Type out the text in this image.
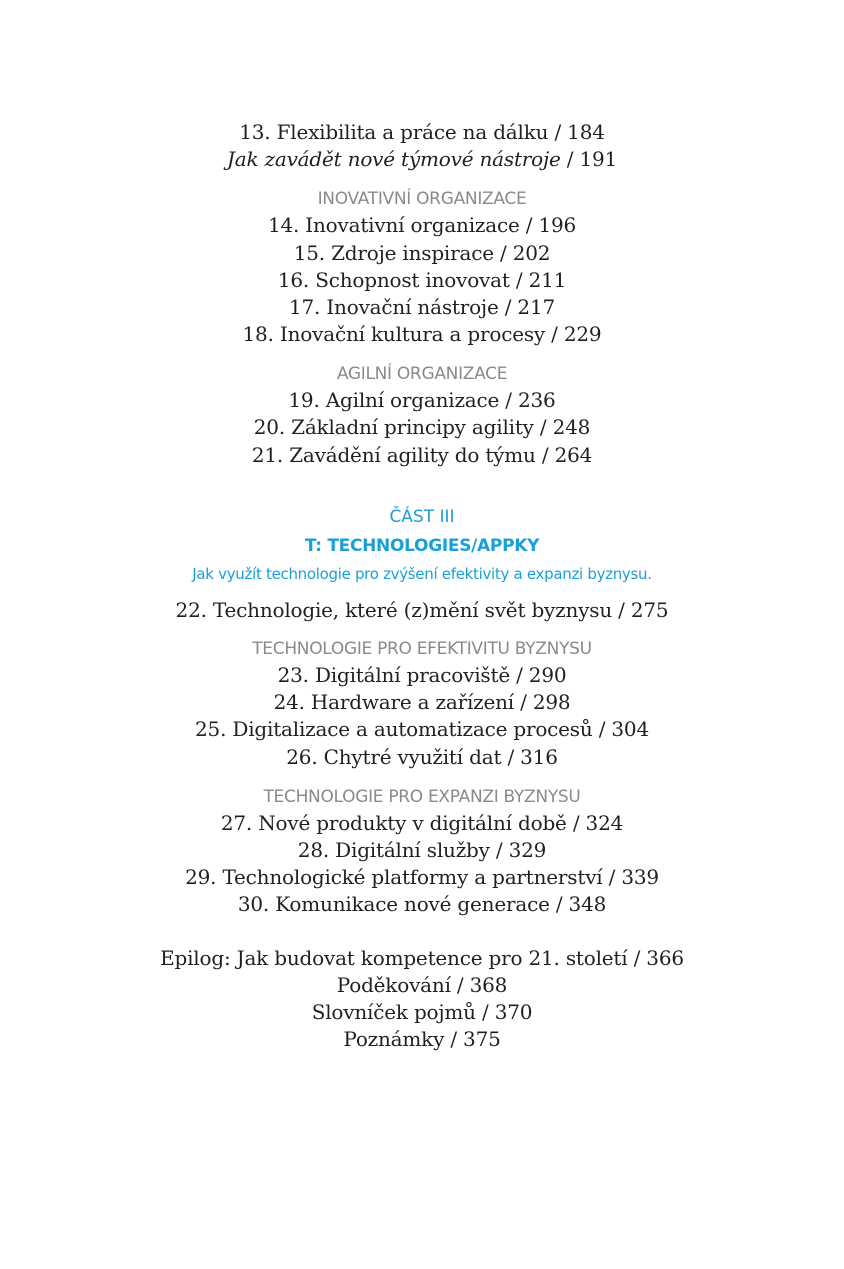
13. Flexibilita a práce na dálku / 184
Jak zavádět nové týmové nástroje / 191
INOVATIVNÍ ORGANIZACE
14. Inovativní organizace / 196
15. Zdroje inspirace / 202
16. Schopnost inovovat / 211
17. Inovační nástroje / 217
18. Inovační kultura a procesy / 229
AGILNÍ ORGANIZACE
19. Agilní organizace / 236
20. Základní principy agility / 248
21. Zavádění agility do týmu / 264
ČÁST III
T: TECHNOLOGIES/APPKY
Jak využít technologie pro zvýšení efektivity a expanzi byznysu.
22. Technologie, které (z)mění svět byznysu / 275
TECHNOLOGIE PRO EFEKTIVITU BYZNYSU
23. Digitální pracoviště / 290
24. Hardware a zařízení / 298
25. Digitalizace a automatizace procesů / 304
26. Chytré využití dat / 316
TECHNOLOGIE PRO EXPANZI BYZNYSU
27. Nové produkty v digitální době / 324
28. Digitální služby / 329
29. Technologické platformy a partnerství / 339
30. Komunikace nové generace / 348
Epilog: Jak budovat kompetence pro 21. století / 366
Poděkování / 368
Slovníček pojmů / 370
Poznámky / 375
